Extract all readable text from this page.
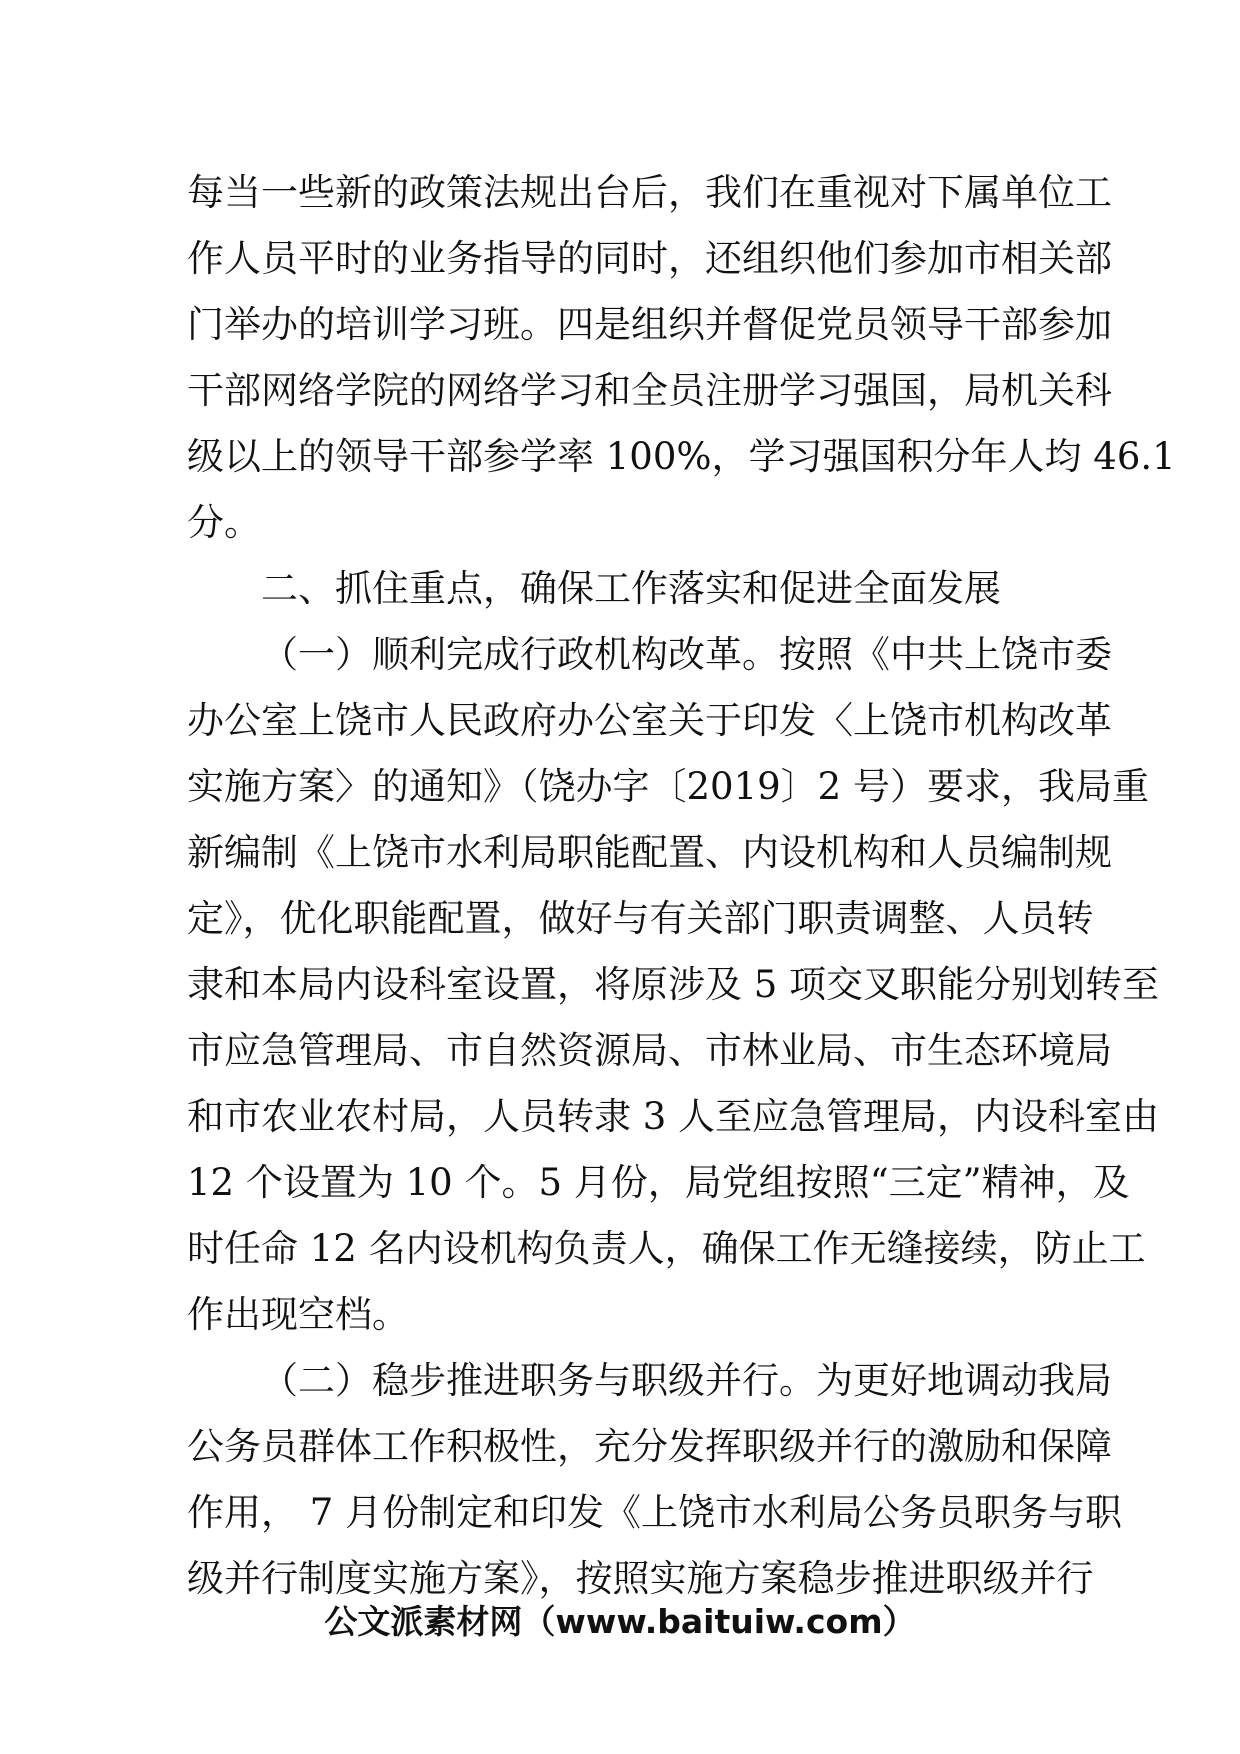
每当一些新的政策法规出台后，我们在重视对下属单位工
作人员平时的业务指导的同时，还组织他们参加市相关部
门举办的培训学习班。四是组织并督促党员领导干部参加
干部网络学院的网络学习和全员注册学习强国，局机关科
级以上的领导干部参学率 100%，学习强国积分年人均 46.1
分。
二、抓住重点，确保工作落实和促进全面发展
（一）顺利完成行政机构改革。按照《中共上饶市委
办公室上饶市人民政府办公室关于印发〈上饶市机构改革
实施方案〉的通知》（饶办字〔2019〕2 号）要求，我局重
新编制《上饶市水利局职能配置、内设机构和人员编制规
定》，优化职能配置，做好与有关部门职责调整、人员转
隶和本局内设科室设置，将原涉及 5 项交叉职能分别划转至
市应急管理局、市自然资源局、市林业局、市生态环境局
和市农业农村局，人员转隶 3 人至应急管理局，内设科室由
12 个设置为 10 个。5 月份，局党组按照“三定”精神，及
时任命 12 名内设机构负责人，确保工作无缝接续，防止工
作出现空档。
（二）稳步推进职务与职级并行。为更好地调动我局
公务员群体工作积极性，充分发挥职级并行的激励和保障
作用， 7 月份制定和印发《上饶市水利局公务员职务与职
级并行制度实施方案》，按照实施方案稳步推进职级并行
公文派素材网（www.baituiw.com）
